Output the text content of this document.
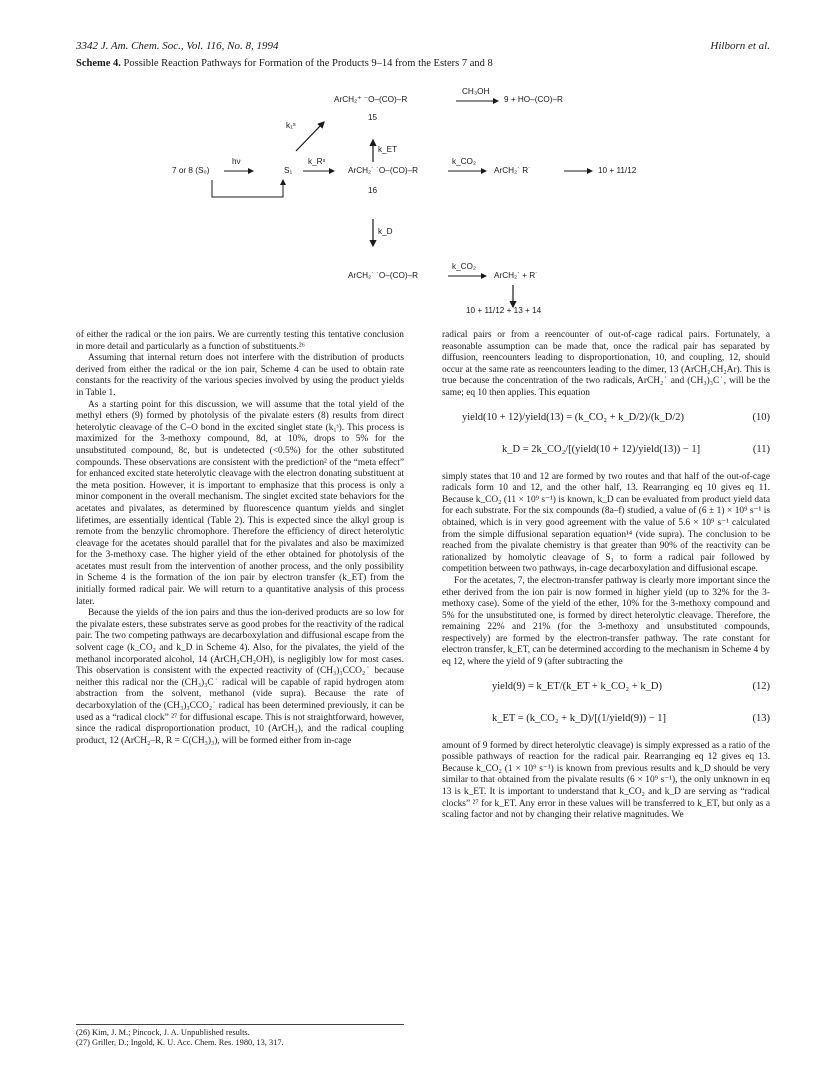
3342 J. Am. Chem. Soc., Vol. 116, No. 8, 1994	Hilborn et al.
Scheme 4. Possible Reaction Pathways for Formation of the Products 9–14 from the Esters 7 and 8
ArCH₂⁺ ⁻O–(CO)–R
CH₃OH
9 + HO–(CO)–R
15
k₁ˢ
k_ET
7 or 8 (S₀)
hν
S₁
k_Rˢ
ArCH₂˙ ˙O–(CO)–R
k_CO₂
ArCH₂˙ R˙	10 + 11/12
16
k_D
ArCH₂˙ ˙O–(CO)–R
k_CO₂
ArCH₂˙ + R˙
10 + 11/12 + 13 + 14

of either the radical or the ion pairs. We are currently testing this tentative conclusion in more detail and particularly as a function of substituents.²⁶

Assuming that internal return does not interfere with the distribution of products derived from either the radical or the ion pair, Scheme 4 can be used to obtain rate constants for the reactivity of the various species involved by using the product yields in Table 1.

As a starting point for this discussion, we will assume that the total yield of the methyl ethers (9) formed by photolysis of the pivalate esters (8) results from direct heterolytic cleavage of the C–O bond in the excited singlet state (k₁ˢ). This process is maximized for the 3-methoxy compound, 8d, at 10%, drops to 5% for the unsubstituted compound, 8c, but is undetected (<0.5%) for the other substituted compounds. These observations are consistent with the prediction² of the “meta effect” for enhanced excited state heterolytic cleavage with the electron donating substituent at the meta position. However, it is important to emphasize that this process is only a minor component in the overall mechanism. The singlet excited state behaviors for the acetates and pivalates, as determined by fluorescence quantum yields and singlet lifetimes, are essentially identical (Table 2). This is expected since the alkyl group is remote from the benzylic chromophore. Therefore the efficiency of direct heterolytic cleavage for the acetates should parallel that for the pivalates and also be maximized for the 3-methoxy case. The higher yield of the ether obtained for photolysis of the acetates must result from the intervention of another process, and the only possibility in Scheme 4 is the formation of the ion pair by electron transfer (k_ET) from the initially formed radical pair. We will return to a quantitative analysis of this process later.

Because the yields of the ion pairs and thus the ion-derived products are so low for the pivalate esters, these substrates serve as good probes for the reactivity of the radical pair. The two competing pathways are decarboxylation and diffusional escape from the solvent cage (k_CO₂ and k_D in Scheme 4). Also, for the pivalates, the yield of the methanol incorporated alcohol, 14 (ArCH₂CH₂OH), is negligibly low for most cases. This observation is consistent with the expected reactivity of (CH₃)₃CCO₂˙ because neither this radical nor the (CH₃)₃C˙ radical will be capable of rapid hydrogen atom abstraction from the solvent, methanol (vide supra). Because the rate of decarboxylation of the (CH₃)₃CCO₂˙ radical has been determined previously, it can be used as a “radical clock” ²⁷ for diffusional escape. This is not straightforward, however, since the radical disproportionation product, 10 (ArCH₃), and the radical coupling product, 12 (ArCH₂–R, R = C(CH₃)₃), will be formed either from in-cage

radical pairs or from a reencounter of out-of-cage radical pairs. Fortunately, a reasonable assumption can be made that, once the radical pair has separated by diffusion, reencounters leading to disproportionation, 10, and coupling, 12, should occur at the same rate as reencounters leading to the dimer, 13 (ArCH₂CH₂Ar). This is true because the concentration of the two radicals, ArCH₂˙ and (CH₃)₃C˙, will be the same; eq 10 then applies. This equation

yield(10 + 12)/yield(13) = (k_CO₂ + k_D/2)/(k_D/2)	(10)
k_D = 2k_CO₂/[(yield(10 + 12)/yield(13)) − 1]	(11)

simply states that 10 and 12 are formed by two routes and that half of the out-of-cage radicals form 10 and 12, and the other half, 13. Rearranging eq 10 gives eq 11. Because k_CO₂ (11 × 10⁹ s⁻¹) is known, k_D can be evaluated from product yield data for each substrate. For the six compounds (8a–f) studied, a value of (6 ± 1) × 10⁹ s⁻¹ is obtained, which is in very good agreement with the value of 5.6 × 10⁹ s⁻¹ calculated from the simple diffusional separation equation¹⁴ (vide supra). The conclusion to be reached from the pivalate chemistry is that greater than 90% of the reactivity can be rationalized by homolytic cleavage of S₁ to form a radical pair followed by competition between two pathways, in-cage decarboxylation and diffusional escape.

For the acetates, 7, the electron-transfer pathway is clearly more important since the ether derived from the ion pair is now formed in higher yield (up to 32% for the 3-methoxy case). Some of the yield of the ether, 10% for the 3-methoxy compound and 5% for the unsubstituted one, is formed by direct heterolytic cleavage. Therefore, the remaining 22% and 21% (for the 3-methoxy and unsubstituted compounds, respectively) are formed by the electron-transfer pathway. The rate constant for electron transfer, k_ET, can be determined according to the mechanism in Scheme 4 by eq 12, where the yield of 9 (after subtracting the

yield(9) = k_ET/(k_ET + k_CO₂ + k_D)	(12)
k_ET = (k_CO₂ + k_D)/[(1/yield(9)) − 1]	(13)

amount of 9 formed by direct heterolytic cleavage) is simply expressed as a ratio of the possible pathways of reaction for the radical pair. Rearranging eq 12 gives eq 13. Because k_CO₂ (1 × 10⁹ s⁻¹) is known from previous results and k_D should be very similar to that obtained from the pivalate results (6 × 10⁹ s⁻¹), the only unknown in eq 13 is k_ET. It is important to understand that k_CO₂ and k_D are serving as “radical clocks” ²⁷ for k_ET. Any error in these values will be transferred to k_ET, but only as a scaling factor and not by changing their relative magnitudes. We

(26) Kim, J. M.; Pincock, J. A. Unpublished results.
(27) Griller, D.; Ingold, K. U. Acc. Chem. Res. 1980, 13, 317.
